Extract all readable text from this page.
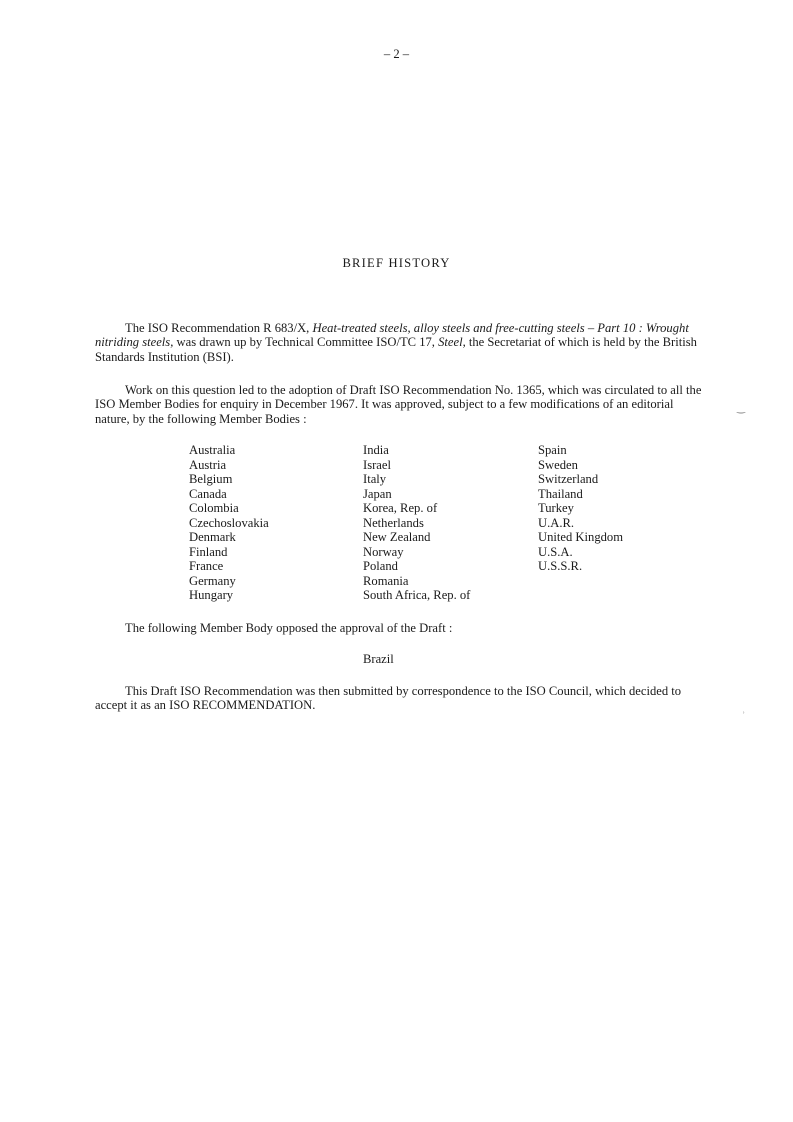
– 2 –
BRIEF HISTORY

The ISO Recommendation R 683/X, Heat-treated steels, alloy steels and free-cutting steels – Part 10 : Wrought nitriding steels, was drawn up by Technical Committee ISO/TC 17, Steel, the Secretariat of which is held by the British Standards Institution (BSI).

Work on this question led to the adoption of Draft ISO Recommendation No. 1365, which was circulated to all the ISO Member Bodies for enquiry in December 1967. It was approved, subject to a few modifications of an editorial nature, by the following Member Bodies :

Australia
Austria
Belgium
Canada
Colombia
Czechoslovakia
Denmark
Finland
France
Germany
Hungary
India
Israel
Italy
Japan
Korea, Rep. of
Netherlands
New Zealand
Norway
Poland
Romania
South Africa, Rep. of
Spain
Sweden
Switzerland
Thailand
Turkey
U.A.R.
United Kingdom
U.S.A.
U.S.S.R.

The following Member Body opposed the approval of the Draft :

Brazil

This Draft ISO Recommendation was then submitted by correspondence to the ISO Council, which decided to accept it as an ISO RECOMMENDATION.

‿
ʾ
